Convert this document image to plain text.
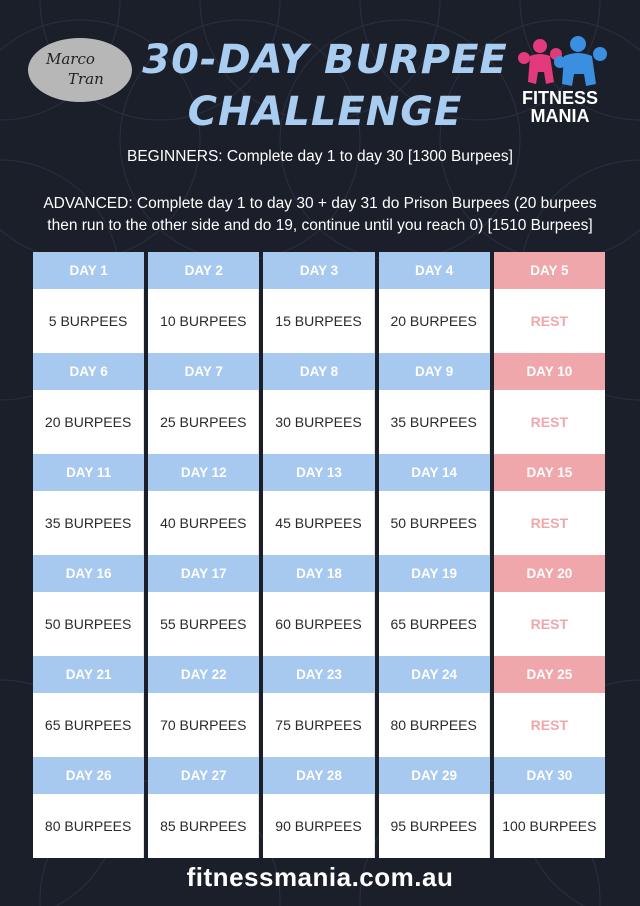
Marco
Tran 30-DAY BURPEE
CHALLENGE	FITNESS
MANIA
BEGINNERS: Complete day 1 to day 30 [1300 Burpees]
ADVANCED: Complete day 1 to day 30 + day 31 do Prison Burpees (20 burpees
then run to the other side and do 19, continue until you reach 0) [1510 Burpees]
DAY 1	DAY 2	DAY 3	DAY 4	DAY 5
5 BURPEES	10 BURPEES	15 BURPEES	20 BURPEES	REST
DAY 6	DAY 7	DAY 8	DAY 9	DAY 10
20 BURPEES	25 BURPEES	30 BURPEES	35 BURPEES	REST
DAY 11	DAY 12	DAY 13	DAY 14	DAY 15
35 BURPEES	40 BURPEES	45 BURPEES	50 BURPEES	REST
DAY 16	DAY 17	DAY 18	DAY 19	DAY 20
50 BURPEES	55 BURPEES	60 BURPEES	65 BURPEES	REST
DAY 21	DAY 22	DAY 23	DAY 24	DAY 25
65 BURPEES	70 BURPEES	75 BURPEES	80 BURPEES	REST
DAY 26	DAY 27	DAY 28	DAY 29	DAY 30
80 BURPEES	85 BURPEES	90 BURPEES	95 BURPEES	100 BURPEES
fitnessmania.com.au
